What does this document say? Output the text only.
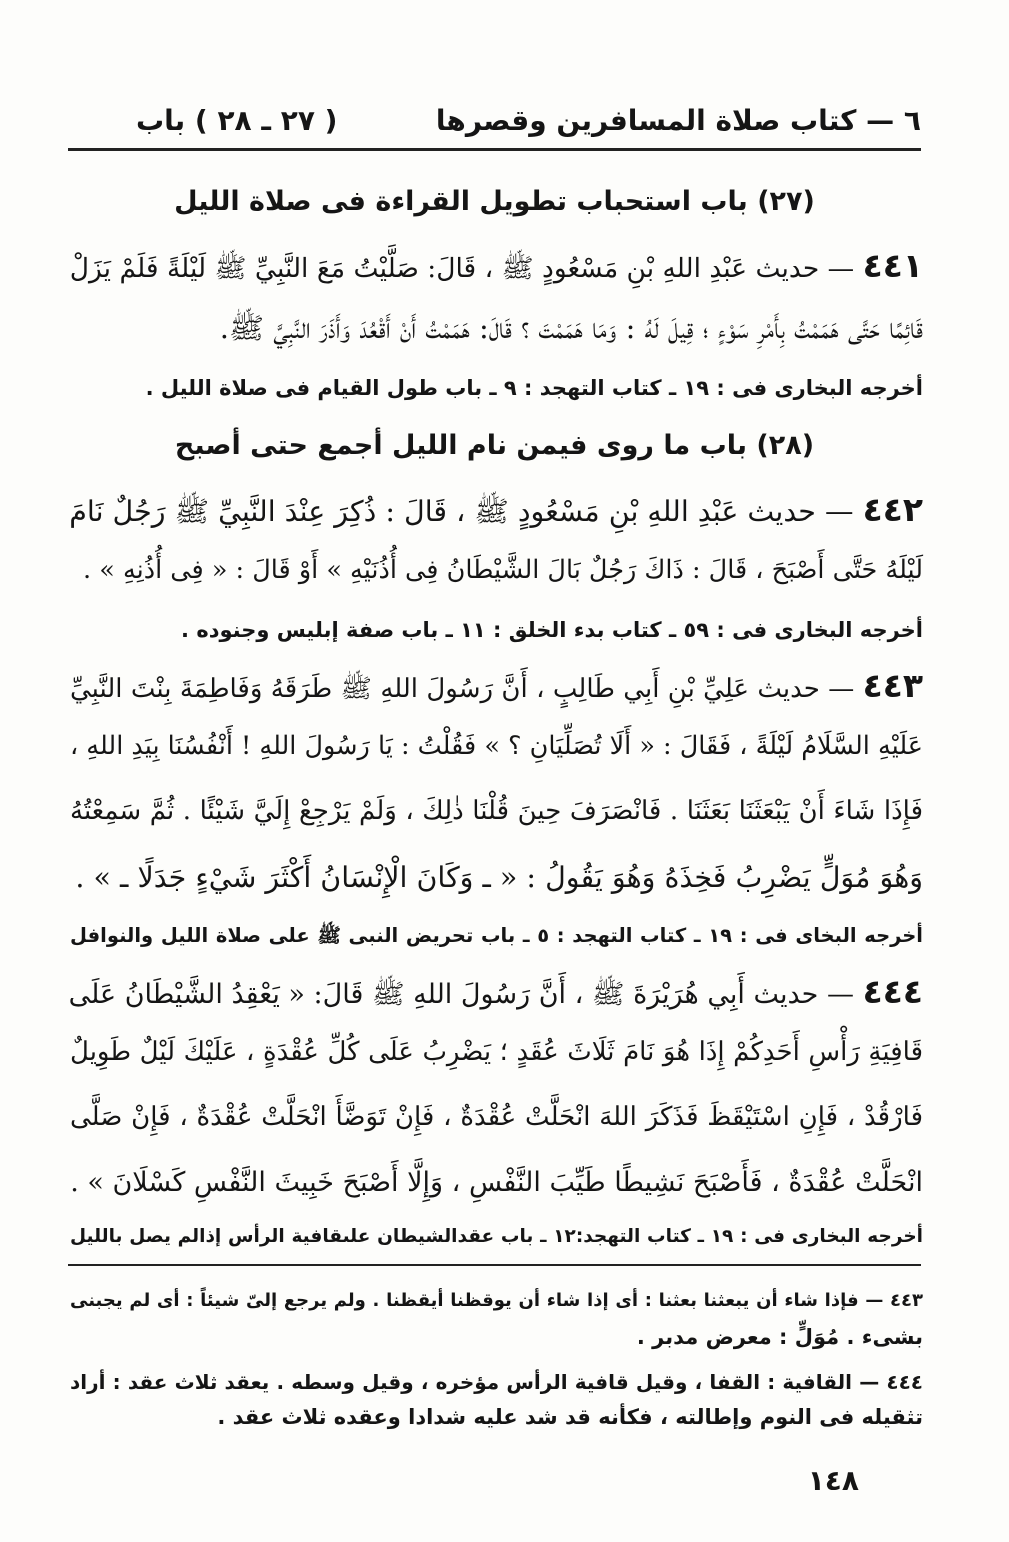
٦ — كتاب صلاة المسافرين وقصرها
( ٢٧ ـ ٢٨ ) باب
(٢٧) باب استحباب تطويل القراءة فى صلاة الليل
٤٤١ — حديث عَبْدِ اللهِ بْنِ مَسْعُودٍ ﷺ ، قَالَ: صَلَّيْتُ مَعَ النَّبِيِّ ﷺ لَيْلَةً فَلَمْ يَزَلْ
قَائِمًا حَتَّى هَمَمْتُ بِأَمْرِ سَوْءٍ ؛ قِيلَ لَهُ : وَمَا هَمَمْتَ ؟ قَالَ: هَمَمْتُ أَنْ أَقْعُدَ وَأَذَرَ النَّبِيَّ ﷺ.
أخرجه البخارى فى : ١٩ ـ كتاب التهجد : ٩ ـ باب طول القيام فى صلاة الليل .
(٢٨) باب ما روى فيمن نام الليل أجمع حتى أصبح
٤٤٢ — حديث عَبْدِ اللهِ بْنِ مَسْعُودٍ ﷺ ، قَالَ : ذُكِرَ عِنْدَ النَّبِيِّ ﷺ رَجُلٌ نَامَ
لَيْلَهُ حَتَّى أَصْبَحَ ، قَالَ : ذَاكَ رَجُلٌ بَالَ الشَّيْطَانُ فِى أُذُنَيْهِ » أَوْ قَالَ : « فِى أُذُنِهِ » .
أخرجه البخارى فى : ٥٩ ـ كتاب بدء الخلق : ١١ ـ باب صفة إبليس وجنوده .
٤٤٣ — حديث عَلِيِّ بْنِ أَبِي طَالِبٍ ، أَنَّ رَسُولَ اللهِ ﷺ طَرَقَهُ وَفَاطِمَةَ بِنْتَ النَّبِيِّ
عَلَيْهِ السَّلَامُ لَيْلَةً ، فَقَالَ : « أَلَا تُصَلِّيَانِ ؟ » فَقُلْتُ : يَا رَسُولَ اللهِ ! أَنْفُسُنَا بِيَدِ اللهِ ،
فَإِذَا شَاءَ أَنْ يَبْعَثَنَا بَعَثَنَا . فَانْصَرَفَ حِينَ قُلْنَا ذٰلِكَ ، وَلَمْ يَرْجِعْ إِلَيَّ شَيْئًا . ثُمَّ سَمِعْتُهُ
وَهُوَ مُوَلٍّ يَضْرِبُ فَخِذَهُ وَهُوَ يَقُولُ : « ـ وَكَانَ الْإِنْسَانُ أَكْثَرَ شَيْءٍ جَدَلًا ـ » .
أخرجه البخاى فى : ١٩ ـ كتاب التهجد : ٥ ـ باب تحريض النبى ﷺ على صلاة الليل والنوافل
٤٤٤ — حديث أَبِي هُرَيْرَةَ ﷺ ، أَنَّ رَسُولَ اللهِ ﷺ قَالَ: « يَعْقِدُ الشَّيْطَانُ عَلَى
قَافِيَةِ رَأْسِ أَحَدِكُمْ إِذَا هُوَ نَامَ ثَلَاثَ عُقَدٍ ؛ يَضْرِبُ عَلَى كُلِّ عُقْدَةٍ ، عَلَيْكَ لَيْلٌ طَوِيلٌ
فَارْقُدْ ، فَإِنِ اسْتَيْقَظَ فَذَكَرَ اللهَ انْحَلَّتْ عُقْدَةٌ ، فَإِنْ تَوَضَّأَ انْحَلَّتْ عُقْدَةٌ ، فَإِنْ صَلَّى
انْحَلَّتْ عُقْدَةٌ ، فَأَصْبَحَ نَشِيطًا طَيِّبَ النَّفْسِ ، وَإِلَّا أَصْبَحَ خَبِيثَ النَّفْسِ كَسْلَانَ » .
أخرجه البخارى فى : ١٩ ـ كتاب التهجد:١٢ ـ باب عقدالشيطان علىقافية الرأس إذالم يصل بالليل
٤٤٣ — فإذا شاء أن يبعثنا بعثنا : أى إذا شاء أن يوقظنا أيقظنا . ولم يرجع إلىّ شيئاً : أى لم يجبنى
بشىء . مُوَلٍّ : معرض مدبر .
٤٤٤ — القافية : القفا ، وقيل قافية الرأس مؤخره ، وقيل وسطه . يعقد ثلاث عقد : أراد
تثقيله فى النوم وإطالته ، فكأنه قد شد عليه شدادا وعقده ثلاث عقد .
١٤٨
